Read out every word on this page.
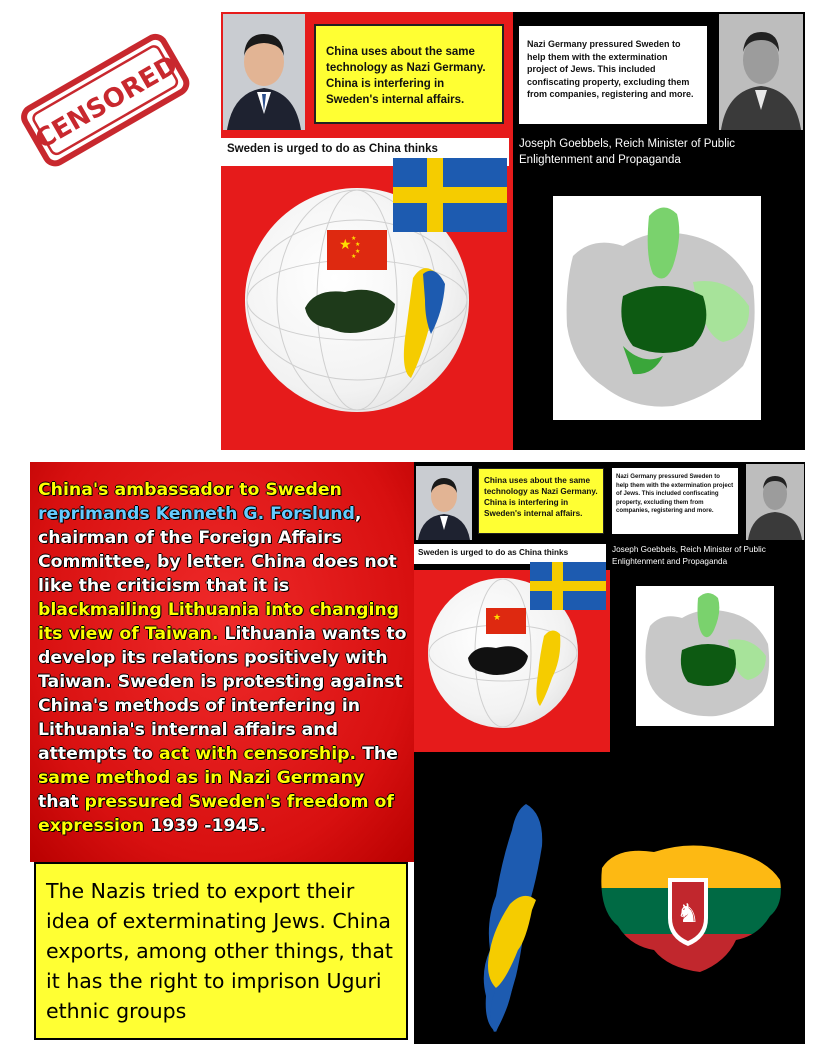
CENSORED	China uses about the same technology as Nazi Germany. China is interfering in Sweden's internal affairs.
Nazi Germany pressured Sweden to help them with the extermination project of Jews. This included confiscating property, excluding them from companies, registering and more.
Sweden is urged to do as China thinks	Joseph Goebbels, Reich Minister of Public Enlightenment and Propaganda
★ ★
★
★
★
China's ambassador to Sweden reprimands Kenneth G. Forslund, chairman of the Foreign Affairs Committee, by letter. China does not like the criticism that it is blackmailing Lithuania into changing its view of Taiwan. Lithuania wants to develop its relations positively with Taiwan. Sweden is protesting against China's methods of interfering in Lithuania's internal affairs and attempts to act with censorship. The same method as in Nazi Germany that pressured Sweden's freedom of expression 1939 -1945.
China uses about the same technology as Nazi Germany. China is interfering in Sweden's internal affairs.
Nazi Germany pressured Sweden to help them with the extermination project of Jews. This included confiscating property, excluding them from companies, registering and more.
Sweden is urged to do as China thinks	Joseph Goebbels, Reich Minister of Public Enlightenment and Propaganda
★
♞
The Nazis tried to export their idea of exterminating Jews. China exports, among other things, that it has the right to imprison Uguri ethnic groups
